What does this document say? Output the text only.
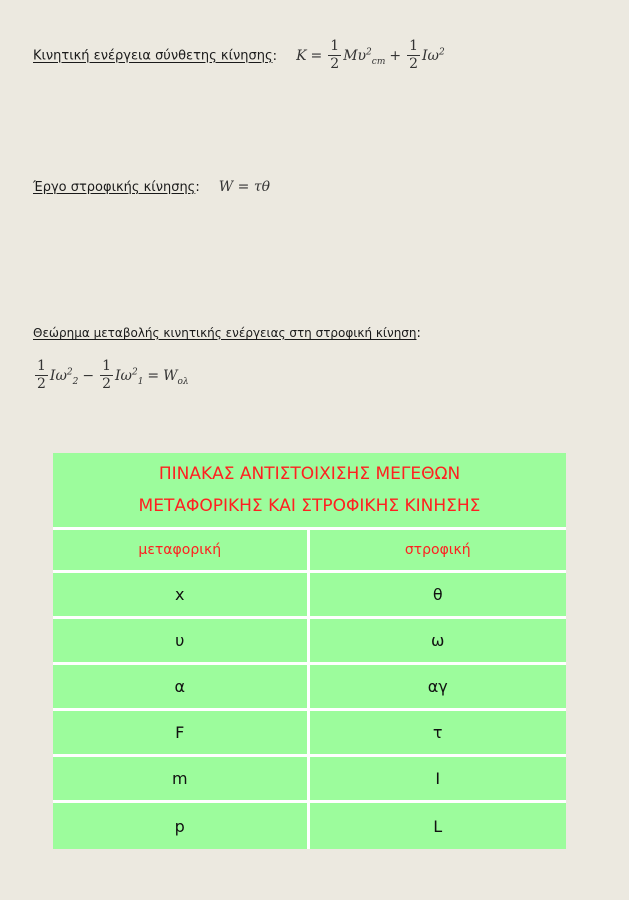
Κινητική ενέργεια σύνθετης κίνησης: $K = \frac{1}{2} M\upsilon^2_{cm} + \frac{1}{2} I\omega^2$
Έργο στροφικής κίνησης: W = τθ
Θεώρημα μεταβολής κινητικής ενέργειας στη στροφική κίνηση:
$\frac{1}{2} I\omega^2_2 - \frac{1}{2} I\omega^2_1 = W_{o\lambda}$
ΠΙΝΑΚΑΣ ΑΝΤΙΣΤΟΙΧΙΣΗΣ ΜΕΓΕΘΩΝ
ΜΕΤΑΦΟΡΙΚΗΣ ΚΑΙ ΣΤΡΟΦΙΚΗΣ ΚΙΝΗΣΗΣ	

μεταφορική	στροφική
x	θ
υ	ω
α	αγ
F	τ
m	I
p	L
